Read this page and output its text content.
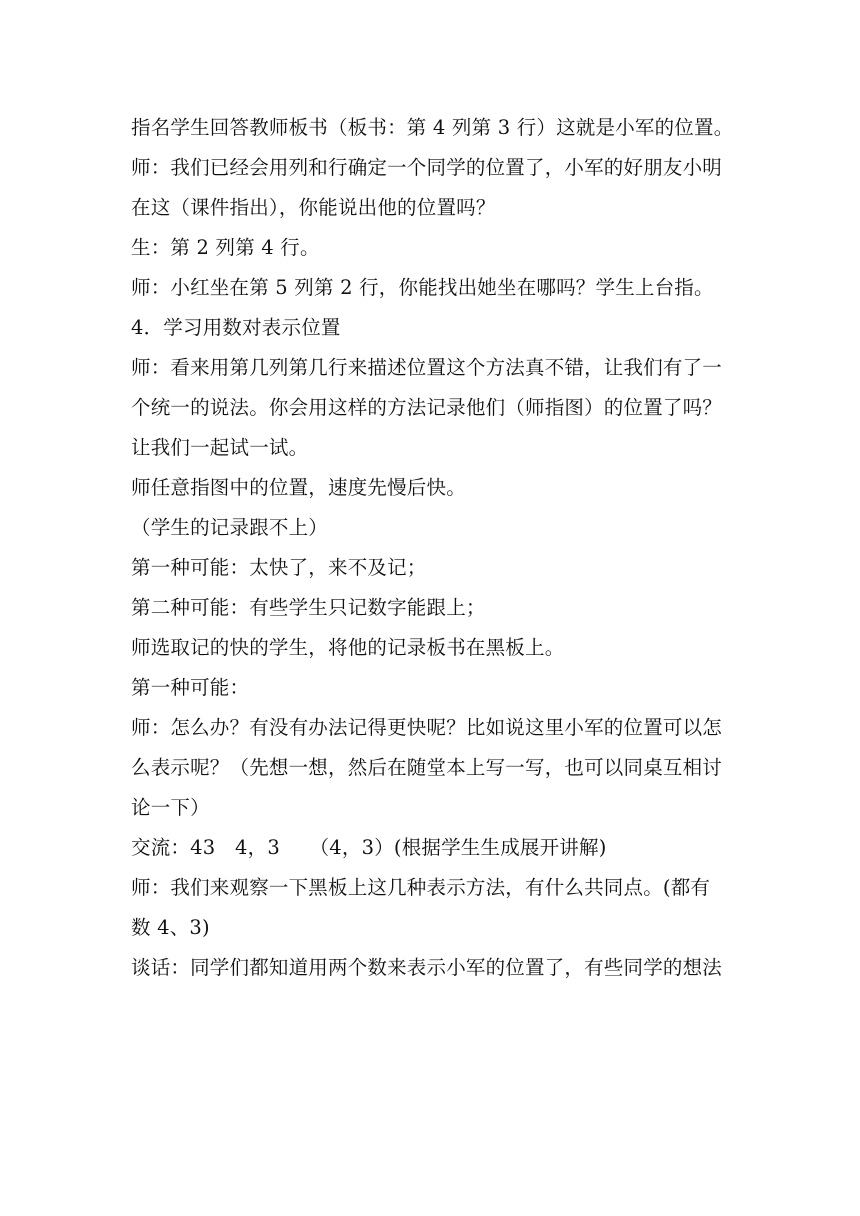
指名学生回答教师板书（板书：第 4 列第 3 行）这就是小军的位置。
师：我们已经会用列和行确定一个同学的位置了，小军的好朋友小明
在这（课件指出），你能说出他的位置吗？
生：第 2 列第 4 行。
师：小红坐在第 5 列第 2 行，你能找出她坐在哪吗？学生上台指。
4．学习用数对表示位置
师：看来用第几列第几行来描述位置这个方法真不错，让我们有了一
个统一的说法。你会用这样的方法记录他们（师指图）的位置了吗？
让我们一起试一试。
师任意指图中的位置，速度先慢后快。
（学生的记录跟不上）
第一种可能：太快了，来不及记；
第二种可能：有些学生只记数字能跟上；
师选取记的快的学生，将他的记录板书在黑板上。
第一种可能：
师：怎么办？有没有办法记得更快呢？比如说这里小军的位置可以怎
么表示呢？（先想一想，然后在随堂本上写一写，也可以同桌互相讨
论一下）
交流：43　4，3　　（4，3）(根据学生生成展开讲解)
师：我们来观察一下黑板上这几种表示方法，有什么共同点。(都有
数 4、3)
谈话：同学们都知道用两个数来表示小军的位置了，有些同学的想法
